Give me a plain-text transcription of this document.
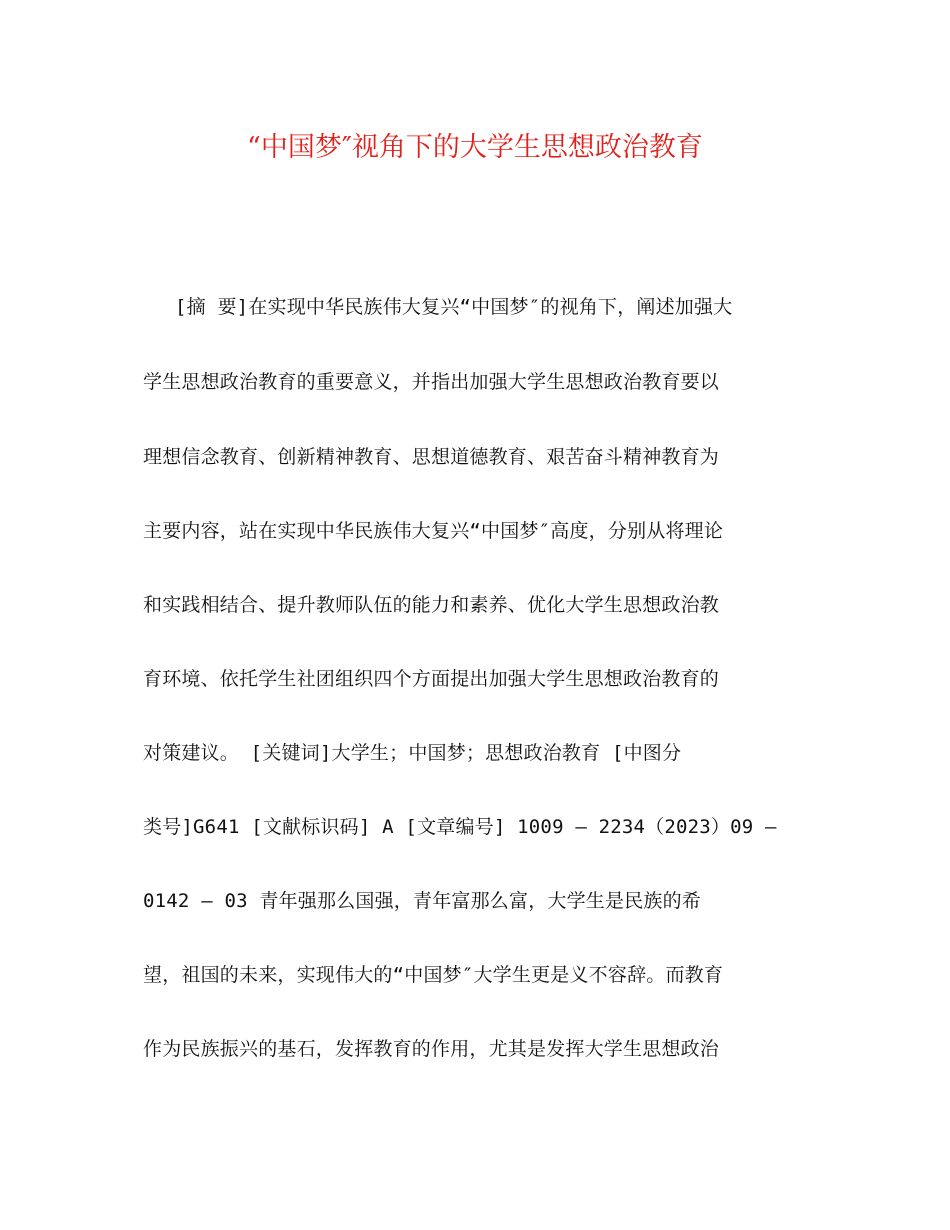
“中国梦″视角下的大学生思想政治教育
[摘 要]在实现中华民族伟大复兴“中国梦″的视角下，阐述加强大
学生思想政治教育的重要意义，并指出加强大学生思想政治教育要以
理想信念教育、创新精神教育、思想道德教育、艰苦奋斗精神教育为
主要内容，站在实现中华民族伟大复兴“中国梦″高度，分别从将理论
和实践相结合、提升教师队伍的能力和素养、优化大学生思想政治教
育环境、依托学生社团组织四个方面提出加强大学生思想政治教育的
对策建议。 [关键词]大学生；中国梦；思想政治教育 [中图分
类号]G641 [文献标识码] A [文章编号] 1009 — 2234（2023）09 —
0142 — 03 青年强那么国强，青年富那么富，大学生是民族的希
望，祖国的未来，实现伟大的“中国梦″大学生更是义不容辞。而教育
作为民族振兴的基石，发挥教育的作用，尤其是发挥大学生思想政治
